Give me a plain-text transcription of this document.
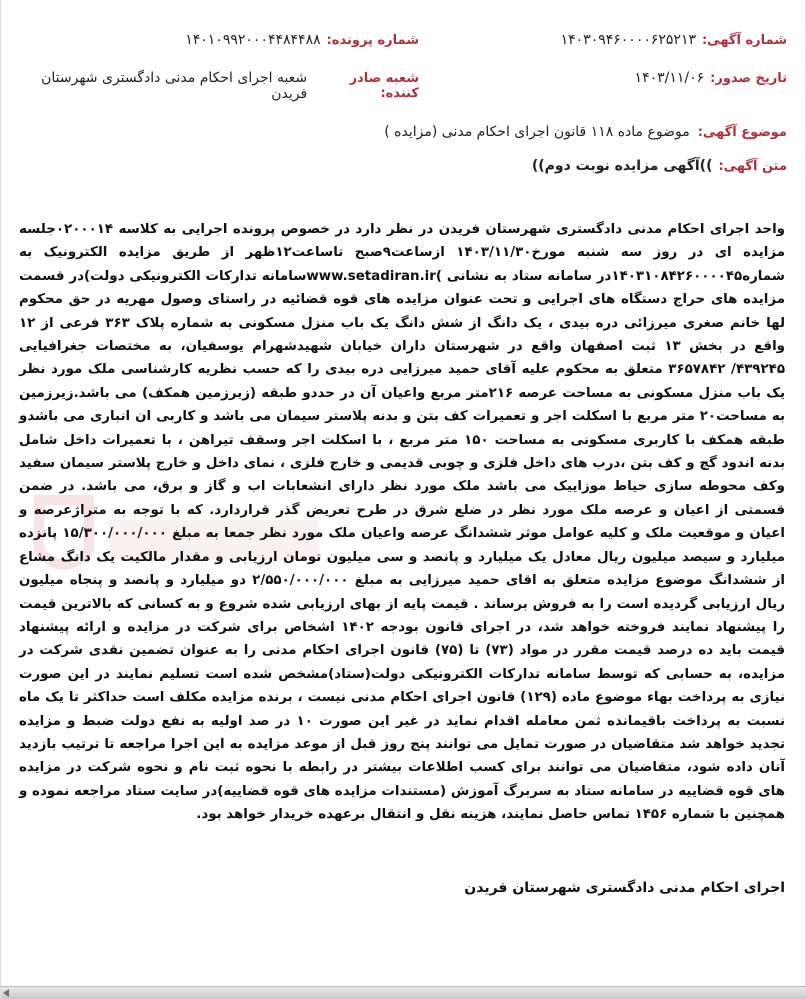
شماره آگهی:
۱۴۰۳۰۹۴۶۰۰۰۰۶۲۵۲۱۳
شماره پرونده:
۱۴۰۱۰۹۹۲۰۰۰۴۴۸۴۴۸۸
تاریخ صدور:
۱۴۰۳/۱۱/۰۶
شعبه صادر کننده:
شعبه اجرای احکام مدنی دادگستری شهرستان فریدن
موضوع آگهی:
موضوع ماده ۱۱۸ قانون اجرای احکام مدنی (مزایده )
متن آگهی:
))آگهی مزایده نوبت دوم))
واحد اجرای احکام مدنی دادگستری شهرستان فریدن در نظر دارد در خصوص پرونده اجرایی به کلاسه ۰۲۰۰۰۱۴جلسه مزایده ای در روز سه شنبه مورخ۱۴۰۳/۱۱/۳۰ ازساعت۹صبح تاساعت۱۲ظهر از طریق مزایده الکترونیک به شماره۱۴۰۳۱۰۸۴۲۶۰۰۰۰۴۵در سامانه ستاد به نشانی )www.setadiran.irسامانه تدارکات الکترونیکی دولت)در قسمت مزایده های حراج دستگاه های اجرایی و تحت عنوان مزایده های قوه قضائیه در راستای وصول مهریه در حق محکوم لها خانم صغری میرزائی دره بیدی ، یک دانگ از شش دانگ یک باب منزل مسکونی به شماره پلاک ۳۶۳ فرعی از ۱۲ واقع در بخش ۱۳ ثبت اصفهان واقع در شهرستان داران خیابان شهیدشهرام یوسفیان، به مختصات جغرافیایی ۴۳۹۲۴۵/ ۳۶۵۷۸۴۲ متعلق به محکوم علیه آقای حمید میرزایی دره بیدی را که حسب نظریه کارشناسی ملک مورد نظر یک باب منزل مسکونی به مساحت عرصه ۲۱۶متر مربع واعیان آن در حددو طبقه (زیرزمین همکف) می باشد.زیرزمین به مساحت۲۰ متر مربع با اسکلت اجر و تعمیرات کف بتن و بدنه پلاستر سیمان می باشد و کاربی ان انباری می باشدو طبقه همکف با کاربری مسکونی به مساحت ۱۵۰ متر مربع ، با اسکلت اجر وسقف تیراهن ، با تعمیرات داخل شامل بدنه اندود گچ و کف بتن ،درب های داخل فلزی و چوبی قدیمی و خارج فلزی ، نمای داخل و خارج پلاستر سیمان سفید وکف محوطه سازی حیاط موزاییک می باشد ملک مورد نظر دارای انشعابات اب و گاز و برق، می باشد. در ضمن قسمتی از اعیان و عرصه ملک مورد نظر در ضلع شرق در طرح تعریض گذر قراردارد. که با توجه به متراژعرصه و اعیان و موقعیت ملک و کلیه عوامل موثر ششدانگ عرصه واعیان ملک مورد نظر جمعا به مبلغ ۱۵/۳۰۰/۰۰۰/۰۰۰ پانزده میلیارد و سیصد میلیون ریال معادل یک میلیارد و پانصد و سی میلیون تومان ارزیابی و مقدار مالکیت یک دانگ مشاع از ششدانگ موضوع مزایده متعلق به اقای حمید میرزایی به مبلغ ۲/۵۵۰/۰۰۰/۰۰۰ دو میلیارد و پانصد و پنجاه میلیون ریال ارزیابی گردیده است را به فروش برساند . قیمت پایه از بهای ارزیابی شده شروع و به کسانی که بالاترین قیمت را پیشنهاد نمایند فروخته خواهد شد، در اجرای قانون بودجه ۱۴۰۲ اشخاص برای شرکت در مزایده و ارائه پیشنهاد قیمت باید ده درصد قیمت مقرر در مواد (۷۳) تا (۷۵) قانون اجرای احکام مدنی را به عنوان تضمین نقدی شرکت در مزایده، به حسابی که توسط سامانه تدارکات الکترونیکی دولت(ستاد)مشخص شده است تسلیم نمایند در این صورت نیازی به پرداخت بهاء موضوع ماده (۱۲۹) قانون اجرای احکام مدنی نیست ، برنده مزایده مکلف است حداکثر تا یک ماه نسبت به پرداخت باقیمانده ثمن معامله اقدام نماید در غیر این صورت ۱۰ در صد اولیه به نفع دولت ضبط و مزایده تجدید خواهد شد متقاضیان در صورت تمایل می توانند پنج روز قبل از موعد مزایده به این اجرا مراجعه تا ترتیب بازدید آنان داده شود، متقاضیان می توانند برای کسب اطلاعات بیشتر در رابطه با نحوه ثبت نام و نحوه شرکت در مزایده های قوه قضاییه در سامانه ستاد به سربرگ آموزش (مستندات مزایده های قوه قضاییه)در سایت ستاد مراجعه نموده و همچنین با شماره ۱۴۵۶ تماس حاصل نمایند، هزینه نقل و انتقال برعهده خریدار خواهد بود.
اجرای احکام مدنی دادگستری شهرستان فریدن
